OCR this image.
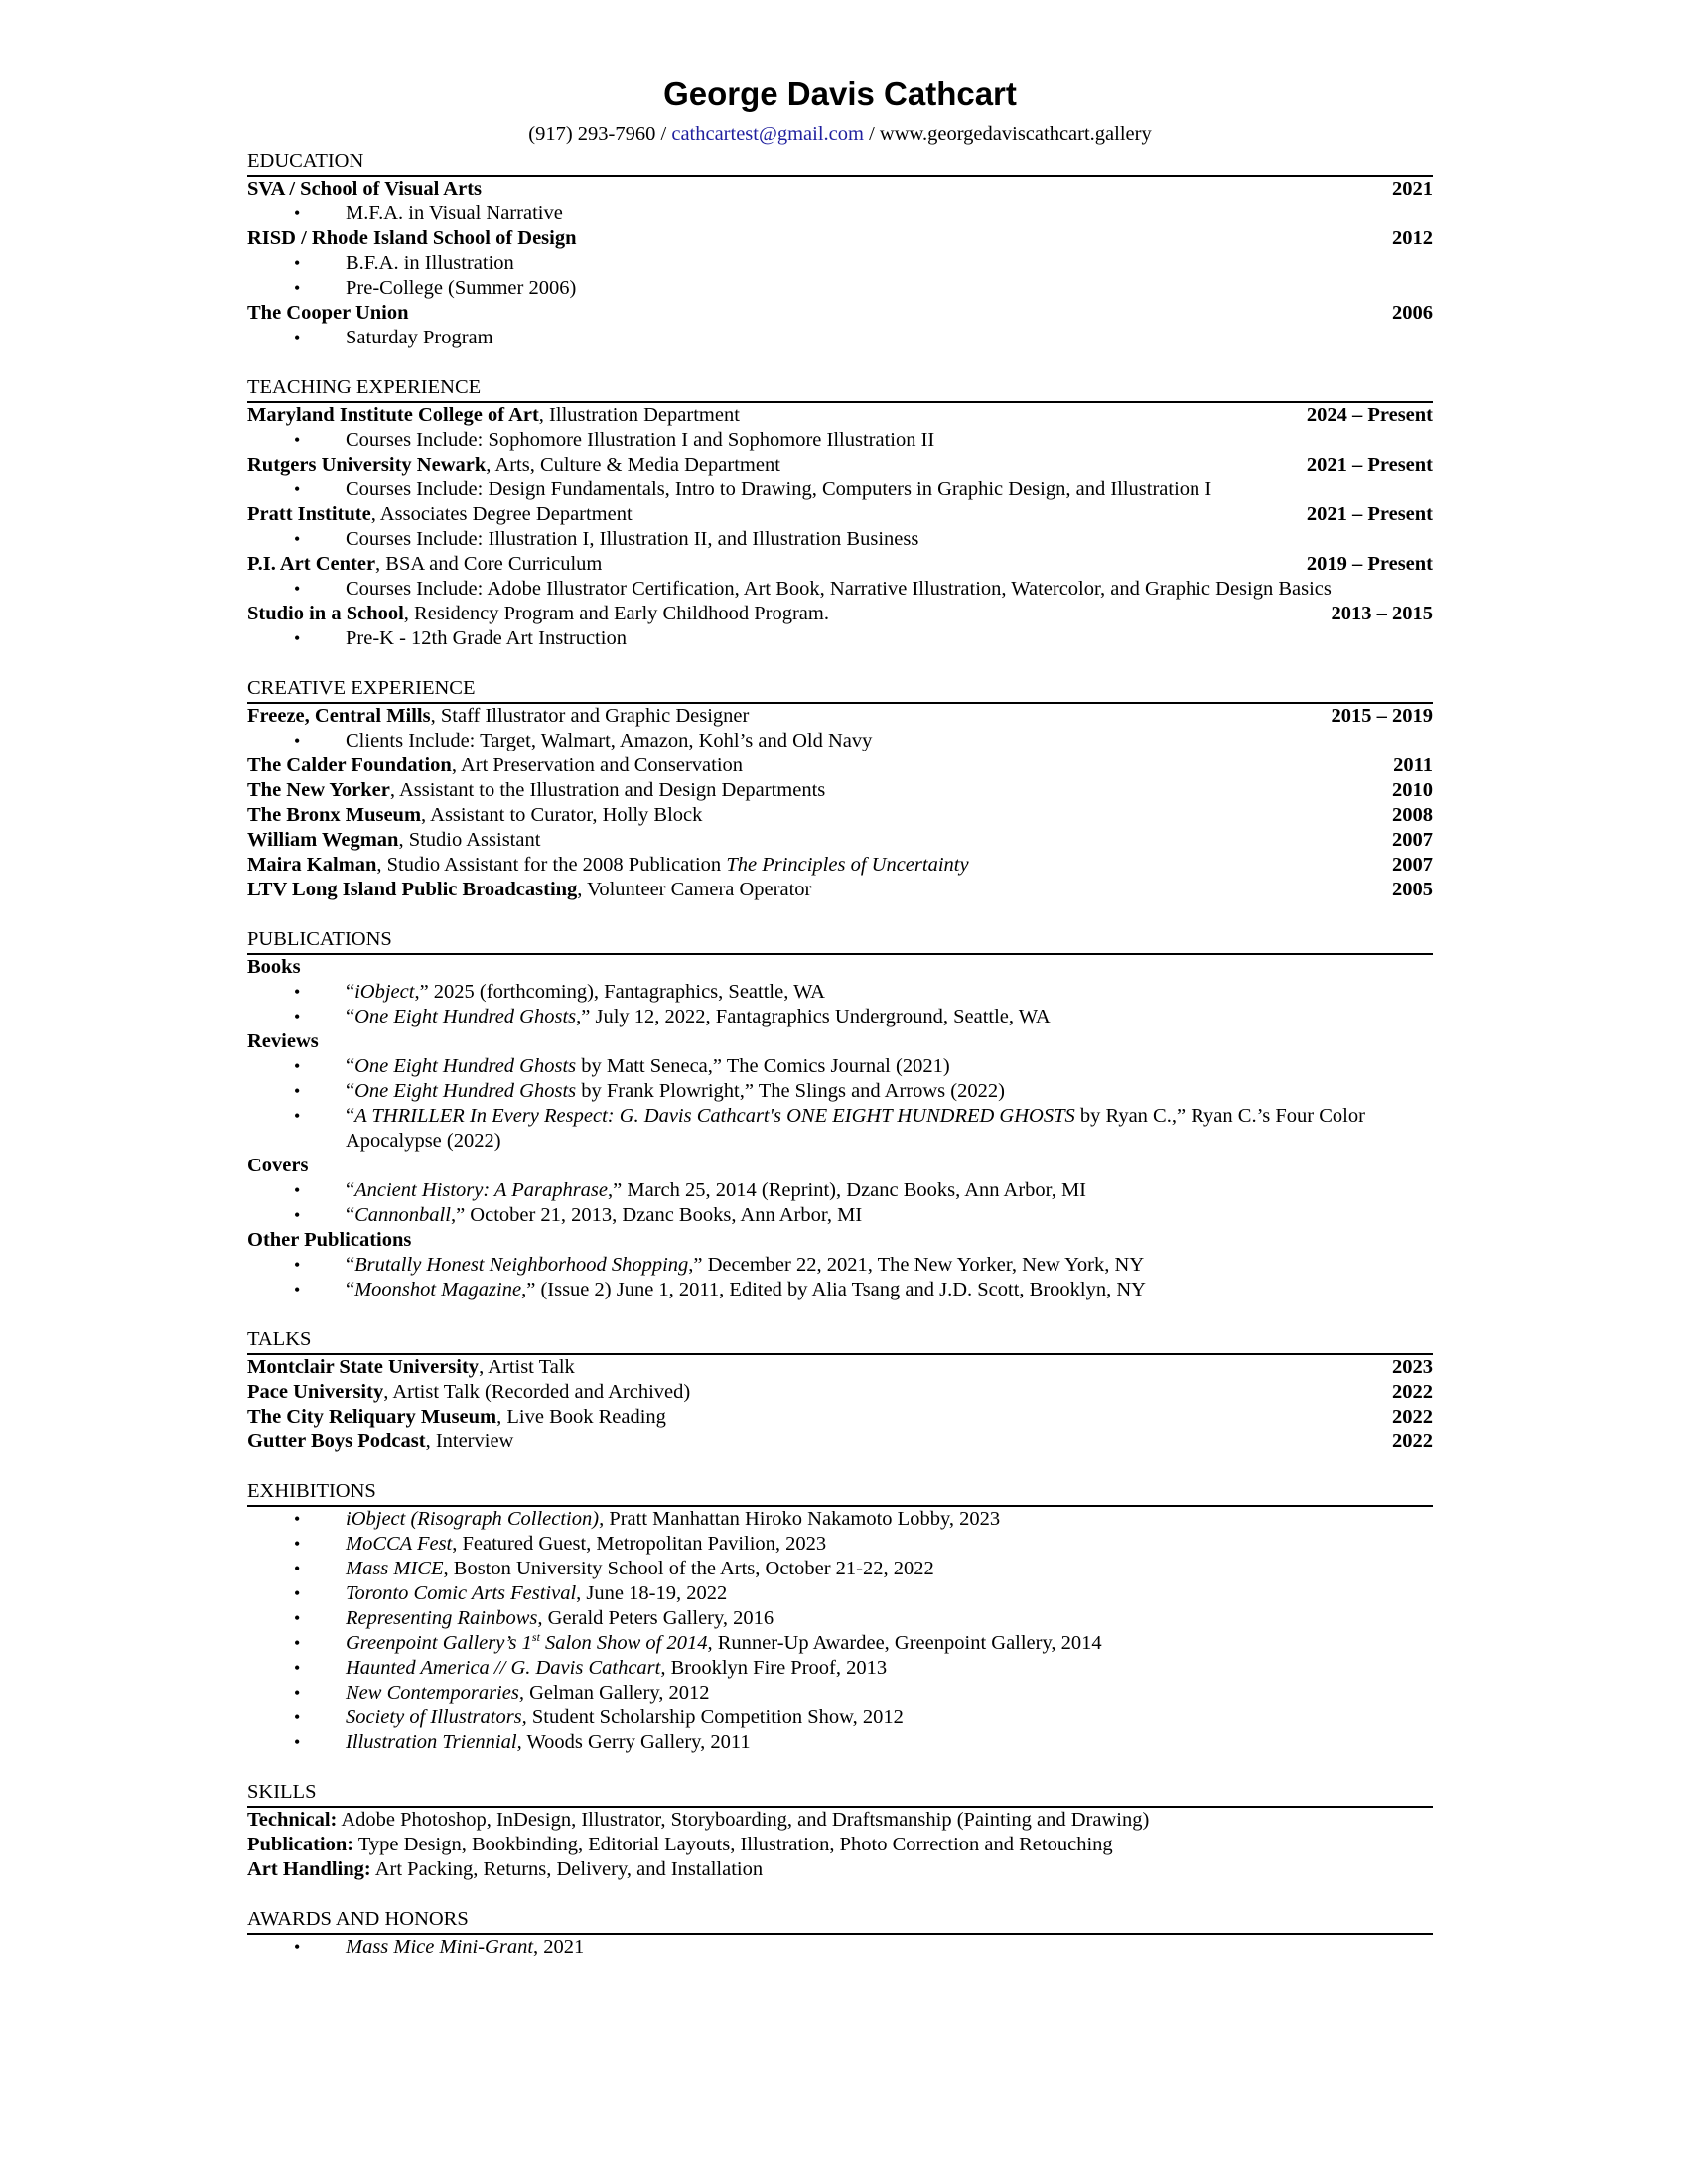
George Davis Cathcart
(917) 293-7960 / cathcartest@gmail.com / www.georgedaviscathcart.gallery
EDUCATION
SVA / School of Visual Arts	2021
• M.F.A. in Visual Narrative
RISD / Rhode Island School of Design	2012
• B.F.A. in Illustration
• Pre-College (Summer 2006)
The Cooper Union	2006
• Saturday Program
TEACHING EXPERIENCE
Maryland Institute College of Art, Illustration Department	2024 – Present
• Courses Include: Sophomore Illustration I and Sophomore Illustration II
Rutgers University Newark, Arts, Culture & Media Department	2021 – Present
• Courses Include: Design Fundamentals, Intro to Drawing, Computers in Graphic Design, and Illustration I
Pratt Institute, Associates Degree Department	2021 – Present
• Courses Include: Illustration I, Illustration II, and Illustration Business
P.I. Art Center, BSA and Core Curriculum	2019 – Present
• Courses Include: Adobe Illustrator Certification, Art Book, Narrative Illustration, Watercolor, and Graphic Design Basics
Studio in a School, Residency Program and Early Childhood Program.	2013 – 2015
• Pre-K - 12th Grade Art Instruction
CREATIVE EXPERIENCE
Freeze, Central Mills, Staff Illustrator and Graphic Designer	2015 – 2019
• Clients Include: Target, Walmart, Amazon, Kohl’s and Old Navy
The Calder Foundation, Art Preservation and Conservation	2011
The New Yorker, Assistant to the Illustration and Design Departments	2010
The Bronx Museum, Assistant to Curator, Holly Block	2008
William Wegman, Studio Assistant	2007
Maira Kalman, Studio Assistant for the 2008 Publication The Principles of Uncertainty	2007
LTV Long Island Public Broadcasting, Volunteer Camera Operator	2005
PUBLICATIONS
Books
• “iObject,” 2025 (forthcoming), Fantagraphics, Seattle, WA
• “One Eight Hundred Ghosts,” July 12, 2022, Fantagraphics Underground, Seattle, WA
Reviews
• “One Eight Hundred Ghosts by Matt Seneca,” The Comics Journal (2021)
• “One Eight Hundred Ghosts by Frank Plowright,” The Slings and Arrows (2022)
• “A THRILLER In Every Respect: G. Davis Cathcart's ONE EIGHT HUNDRED GHOSTS by Ryan C.,” Ryan C.’s Four Color Apocalypse (2022)
Covers
• “Ancient History: A Paraphrase,” March 25, 2014 (Reprint), Dzanc Books, Ann Arbor, MI
• “Cannonball,” October 21, 2013, Dzanc Books, Ann Arbor, MI
Other Publications
• “Brutally Honest Neighborhood Shopping,” December 22, 2021, The New Yorker, New York, NY
• “Moonshot Magazine,” (Issue 2) June 1, 2011, Edited by Alia Tsang and J.D. Scott, Brooklyn, NY
TALKS
Montclair State University, Artist Talk	2023
Pace University, Artist Talk (Recorded and Archived)	2022
The City Reliquary Museum, Live Book Reading	2022
Gutter Boys Podcast, Interview	2022
EXHIBITIONS
• iObject (Risograph Collection), Pratt Manhattan Hiroko Nakamoto Lobby, 2023
• MoCCA Fest, Featured Guest, Metropolitan Pavilion, 2023
• Mass MICE, Boston University School of the Arts, October 21-22, 2022
• Toronto Comic Arts Festival, June 18-19, 2022
• Representing Rainbows, Gerald Peters Gallery, 2016
• Greenpoint Gallery’s 1st Salon Show of 2014, Runner-Up Awardee, Greenpoint Gallery, 2014
• Haunted America // G. Davis Cathcart, Brooklyn Fire Proof, 2013
• New Contemporaries, Gelman Gallery, 2012
• Society of Illustrators, Student Scholarship Competition Show, 2012
• Illustration Triennial, Woods Gerry Gallery, 2011
SKILLS
Technical: Adobe Photoshop, InDesign, Illustrator, Storyboarding, and Draftsmanship (Painting and Drawing)
Publication: Type Design, Bookbinding, Editorial Layouts, Illustration, Photo Correction and Retouching
Art Handling: Art Packing, Returns, Delivery, and Installation
AWARDS AND HONORS
• Mass Mice Mini-Grant, 2021
